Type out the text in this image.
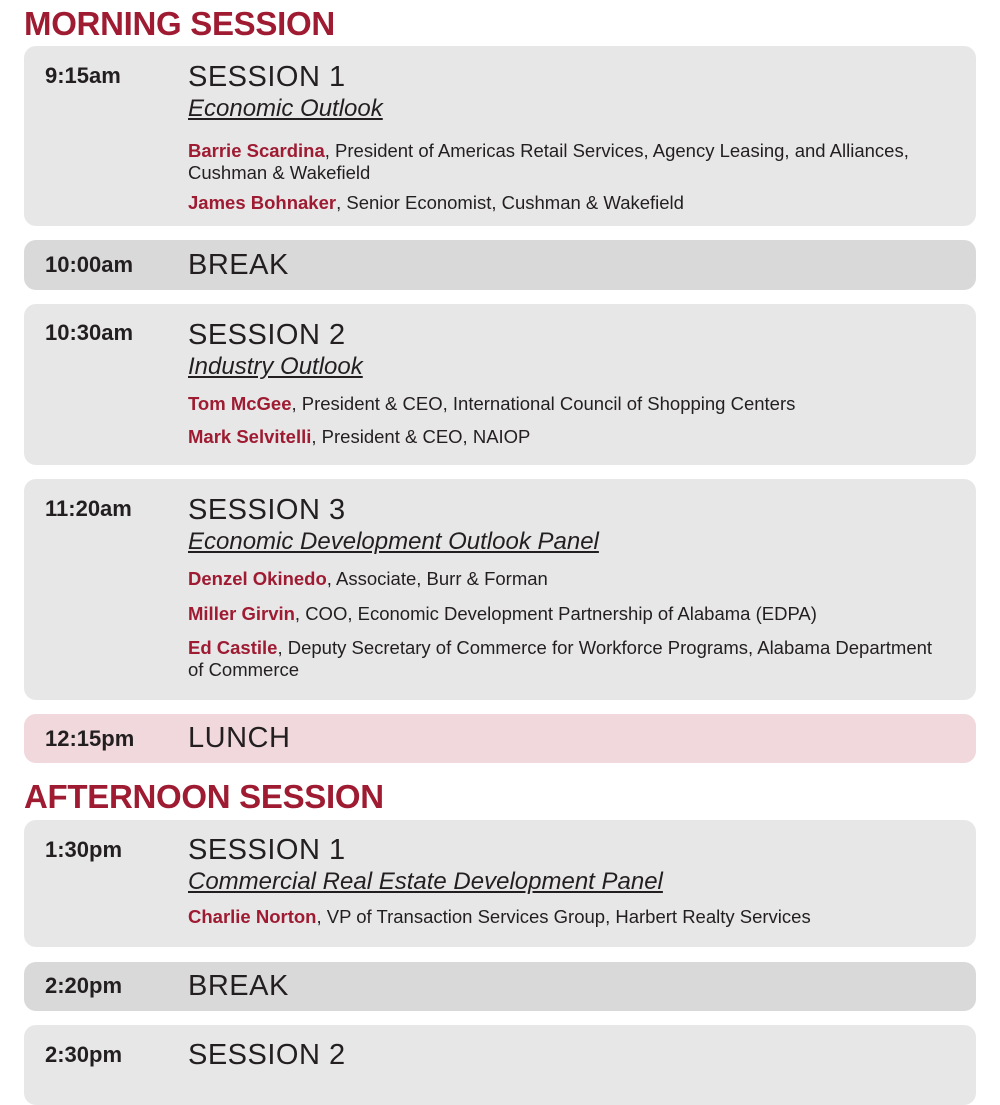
MORNING SESSION
9:15am SESSION 1
Economic Outlook
Barrie Scardina, President of Americas Retail Services, Agency Leasing, and Alliances, Cushman & Wakefield
James Bohnaker, Senior Economist, Cushman & Wakefield
10:00am BREAK
10:30am SESSION 2
Industry Outlook
Tom McGee, President & CEO, International Council of Shopping Centers
Mark Selvitelli, President & CEO, NAIOP
11:20am SESSION 3
Economic Development Outlook Panel
Denzel Okinedo, Associate, Burr & Forman
Miller Girvin, COO, Economic Development Partnership of Alabama (EDPA)
Ed Castile, Deputy Secretary of Commerce for Workforce Programs, Alabama Department of Commerce
12:15pm LUNCH
AFTERNOON SESSION
1:30pm SESSION 1
Commercial Real Estate Development Panel
Charlie Norton, VP of Transaction Services Group, Harbert Realty Services
2:20pm BREAK
2:30pm SESSION 2
